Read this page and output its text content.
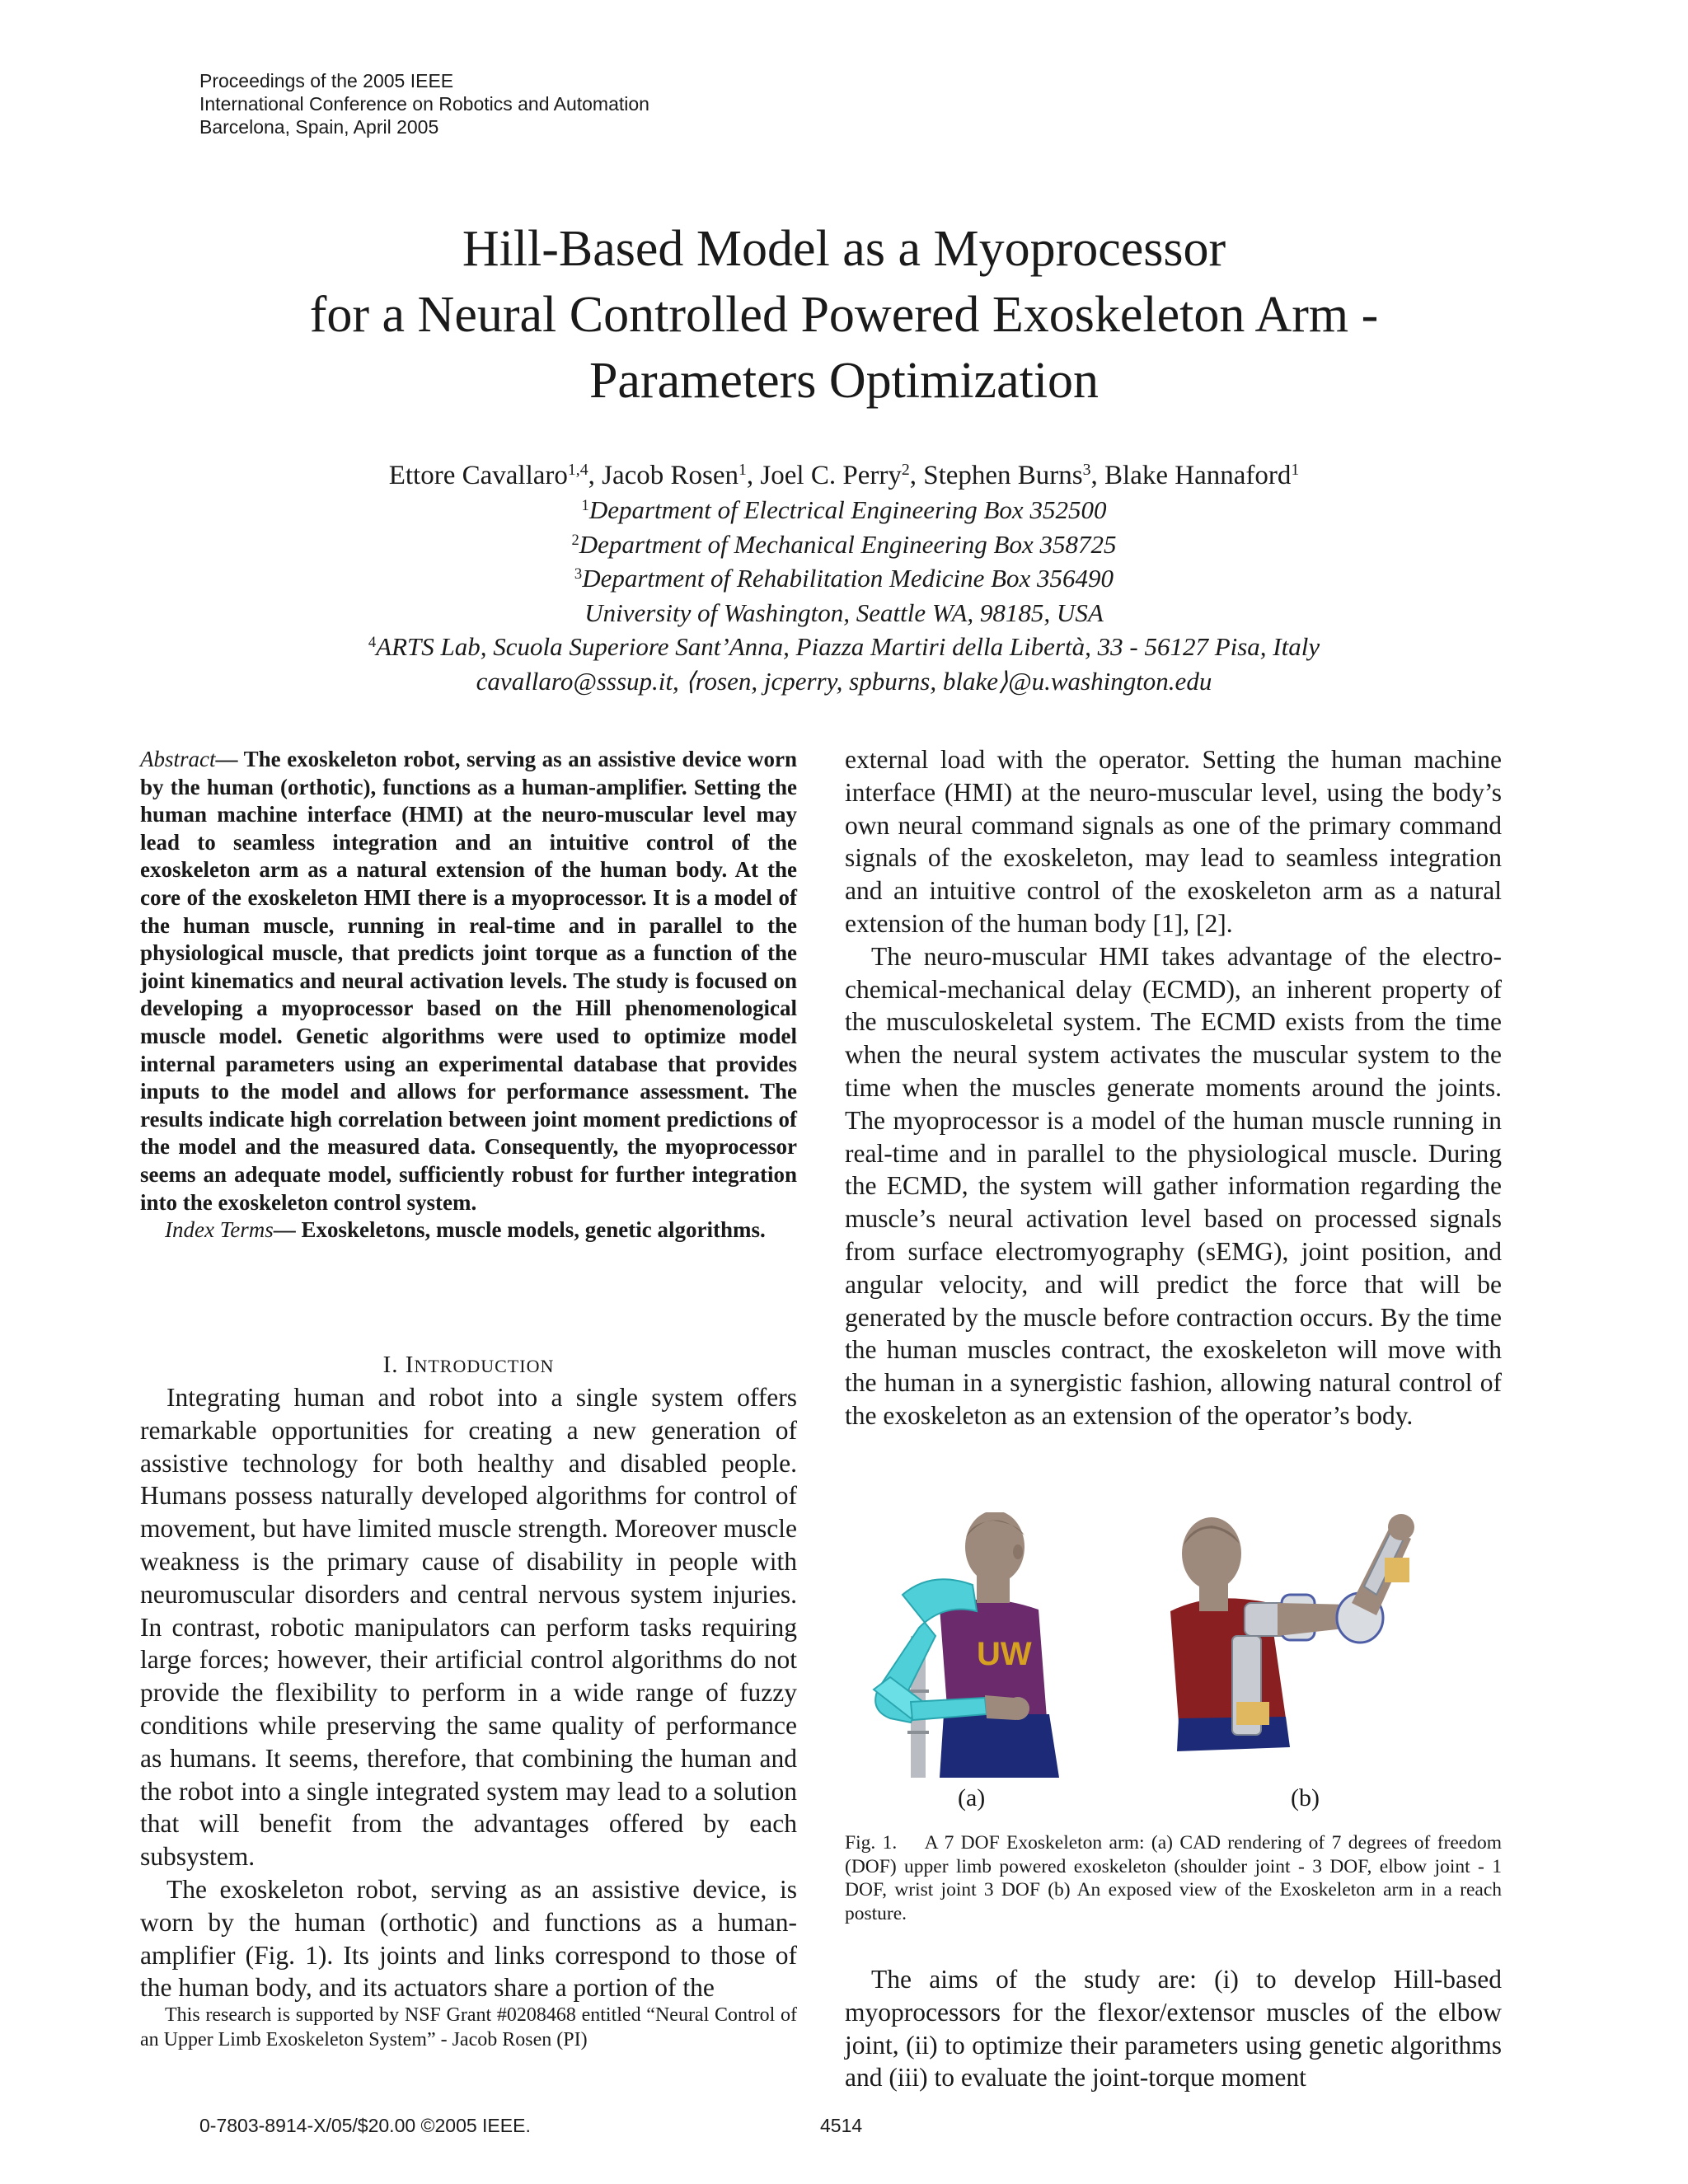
Proceedings of the 2005 IEEE
International Conference on Robotics and Automation
Barcelona, Spain, April 2005
Hill-Based Model as a Myoprocessor
for a Neural Controlled Powered Exoskeleton Arm -
Parameters Optimization
Ettore Cavallaro$^{1,4}$, Jacob Rosen$^1$, Joel C. Perry$^2$, Stephen Burns$^3$, Blake Hannaford$^1$
$^1$Department of Electrical Engineering Box 352500
$^2$Department of Mechanical Engineering Box 358725
$^3$Department of Rehabilitation Medicine Box 356490
University of Washington, Seattle WA, 98185, USA
$^4$ARTS Lab, Scuola Superiore Sant’Anna, Piazza Martiri della Libertà, 33 - 56127 Pisa, Italy
cavallaro@sssup.it, ⟨rosen, jcperry, spburns, blake⟩@u.washington.edu
Abstract— The exoskeleton robot, serving as an assistive device worn by the human (orthotic), functions as a human-amplifier. Setting the human machine interface (HMI) at the neuro-muscular level may lead to seamless integration and an intuitive control of the exoskeleton arm as a natural extension of the human body. At the core of the exoskeleton HMI there is a myoprocessor. It is a model of the human muscle, running in real-time and in parallel to the physiological muscle, that predicts joint torque as a function of the joint kinematics and neural activation levels. The study is focused on developing a myoprocessor based on the Hill phenomenological muscle model. Genetic algorithms were used to optimize model internal parameters using an experimental database that provides inputs to the model and allows for performance assessment. The results indicate high correlation between joint moment predictions of the model and the measured data. Consequently, the myoprocessor seems an adequate model, sufficiently robust for further integration into the exoskeleton control system.
Index Terms— Exoskeletons, muscle models, genetic algorithms.
I. INTRODUCTION

Integrating human and robot into a single system offers remarkable opportunities for creating a new generation of assistive technology for both healthy and disabled people. Humans possess naturally developed algorithms for control of movement, but have limited muscle strength. Moreover muscle weakness is the primary cause of disability in people with neuromuscular disorders and central nervous system injuries. In contrast, robotic manipulators can perform tasks requiring large forces; however, their artificial control algorithms do not provide the flexibility to perform in a wide range of fuzzy conditions while preserving the same quality of performance as humans. It seems, therefore, that combining the human and the robot into a single integrated system may lead to a solution that will benefit from the advantages offered by each subsystem.

The exoskeleton robot, serving as an assistive device, is worn by the human (orthotic) and functions as a human-amplifier (Fig. 1). Its joints and links correspond to those of the human body, and its actuators share a portion of the

This research is supported by NSF Grant #0208468 entitled “Neural Control of an Upper Limb Exoskeleton System” - Jacob Rosen (PI)

external load with the operator. Setting the human machine interface (HMI) at the neuro-muscular level, using the body’s own neural command signals as one of the primary command signals of the exoskeleton, may lead to seamless integration and an intuitive control of the exoskeleton arm as a natural extension of the human body [1], [2].

The neuro-muscular HMI takes advantage of the electro-chemical-mechanical delay (ECMD), an inherent property of the musculoskeletal system. The ECMD exists from the time when the neural system activates the muscular system to the time when the muscles generate moments around the joints. The myoprocessor is a model of the human muscle running in real-time and in parallel to the physiological muscle. During the ECMD, the system will gather information regarding the muscle’s neural activation level based on processed signals from surface electromyography (sEMG), joint position, and angular velocity, and will predict the force that will be generated by the muscle before contraction occurs. By the time the human muscles contract, the exoskeleton will move with the human in a synergistic fashion, allowing natural control of the exoskeleton as an extension of the operator’s body.

UW
(a)	(b)
Fig. 1. A 7 DOF Exoskeleton arm: (a) CAD rendering of 7 degrees of freedom (DOF) upper limb powered exoskeleton (shoulder joint - 3 DOF, elbow joint - 1 DOF, wrist joint 3 DOF (b) An exposed view of the Exoskeleton arm in a reach posture.

The aims of the study are: (i) to develop Hill-based myoprocessors for the flexor/extensor muscles of the elbow joint, (ii) to optimize their parameters using genetic algorithms and (iii) to evaluate the joint-torque moment

0-7803-8914-X/05/$20.00 ©2005 IEEE.	4514
